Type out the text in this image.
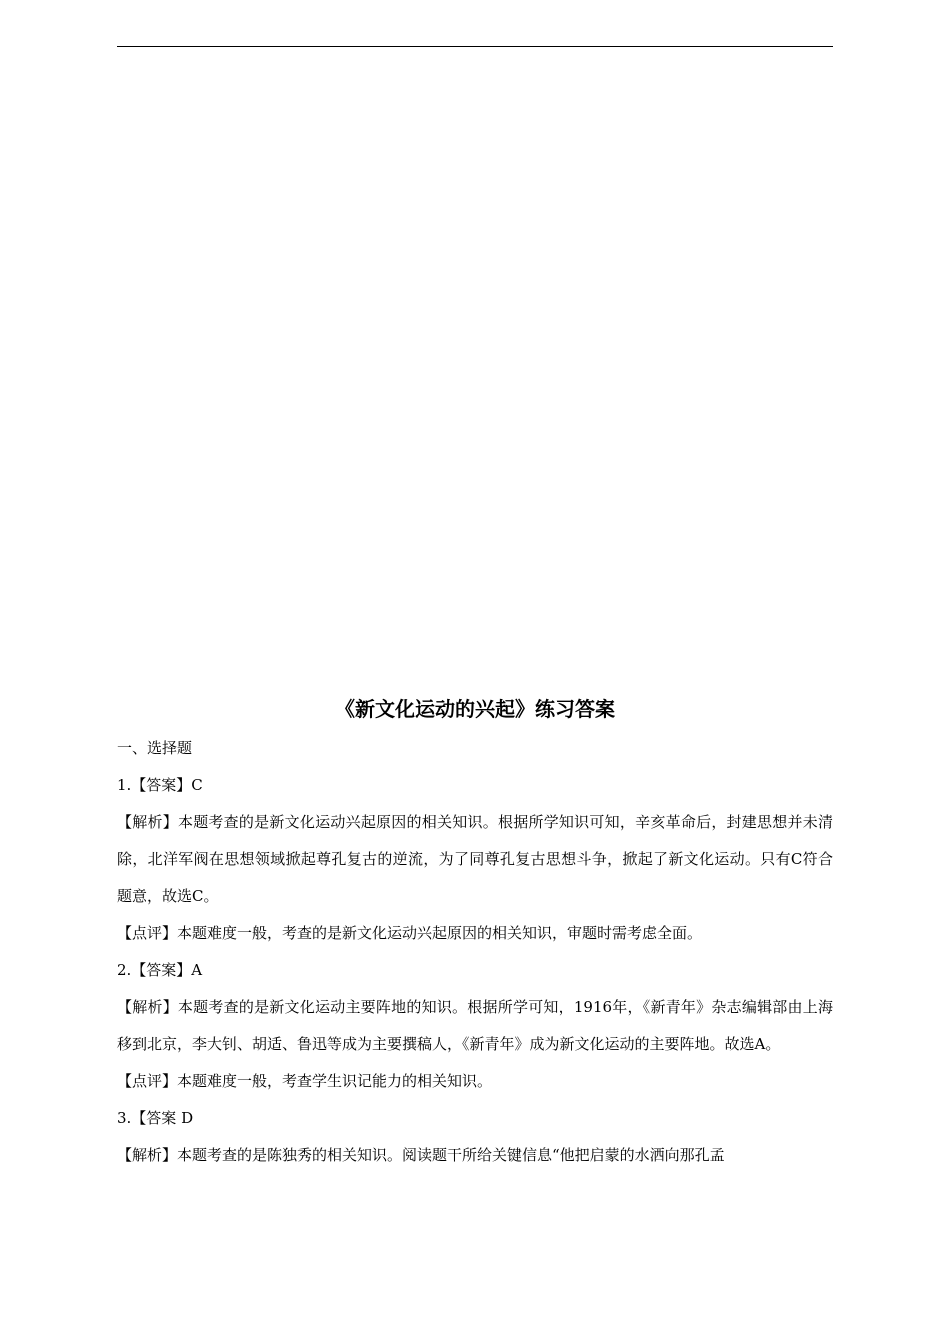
《新文化运动的兴起》练习答案
一、选择题
1.【答案】C
【解析】本题考查的是新文化运动兴起原因的相关知识。根据所学知识可知，辛亥革命后，封建思想并未清除，北洋军阀在思想领域掀起尊孔复古的逆流，为了同尊孔复古思想斗争，掀起了新文化运动。只有C符合题意，故选C。
【点评】本题难度一般，考查的是新文化运动兴起原因的相关知识，审题时需考虑全面。
2.【答案】A
【解析】本题考查的是新文化运动主要阵地的知识。根据所学可知，1916年，《新青年》杂志编辑部由上海移到北京，李大钊、胡适、鲁迅等成为主要撰稿人，《新青年》成为新文化运动的主要阵地。故选A。
【点评】本题难度一般，考查学生识记能力的相关知识。
3.【答案 D
【解析】本题考查的是陈独秀的相关知识。阅读题干所给关键信息“他把启蒙的水洒向那孔孟
